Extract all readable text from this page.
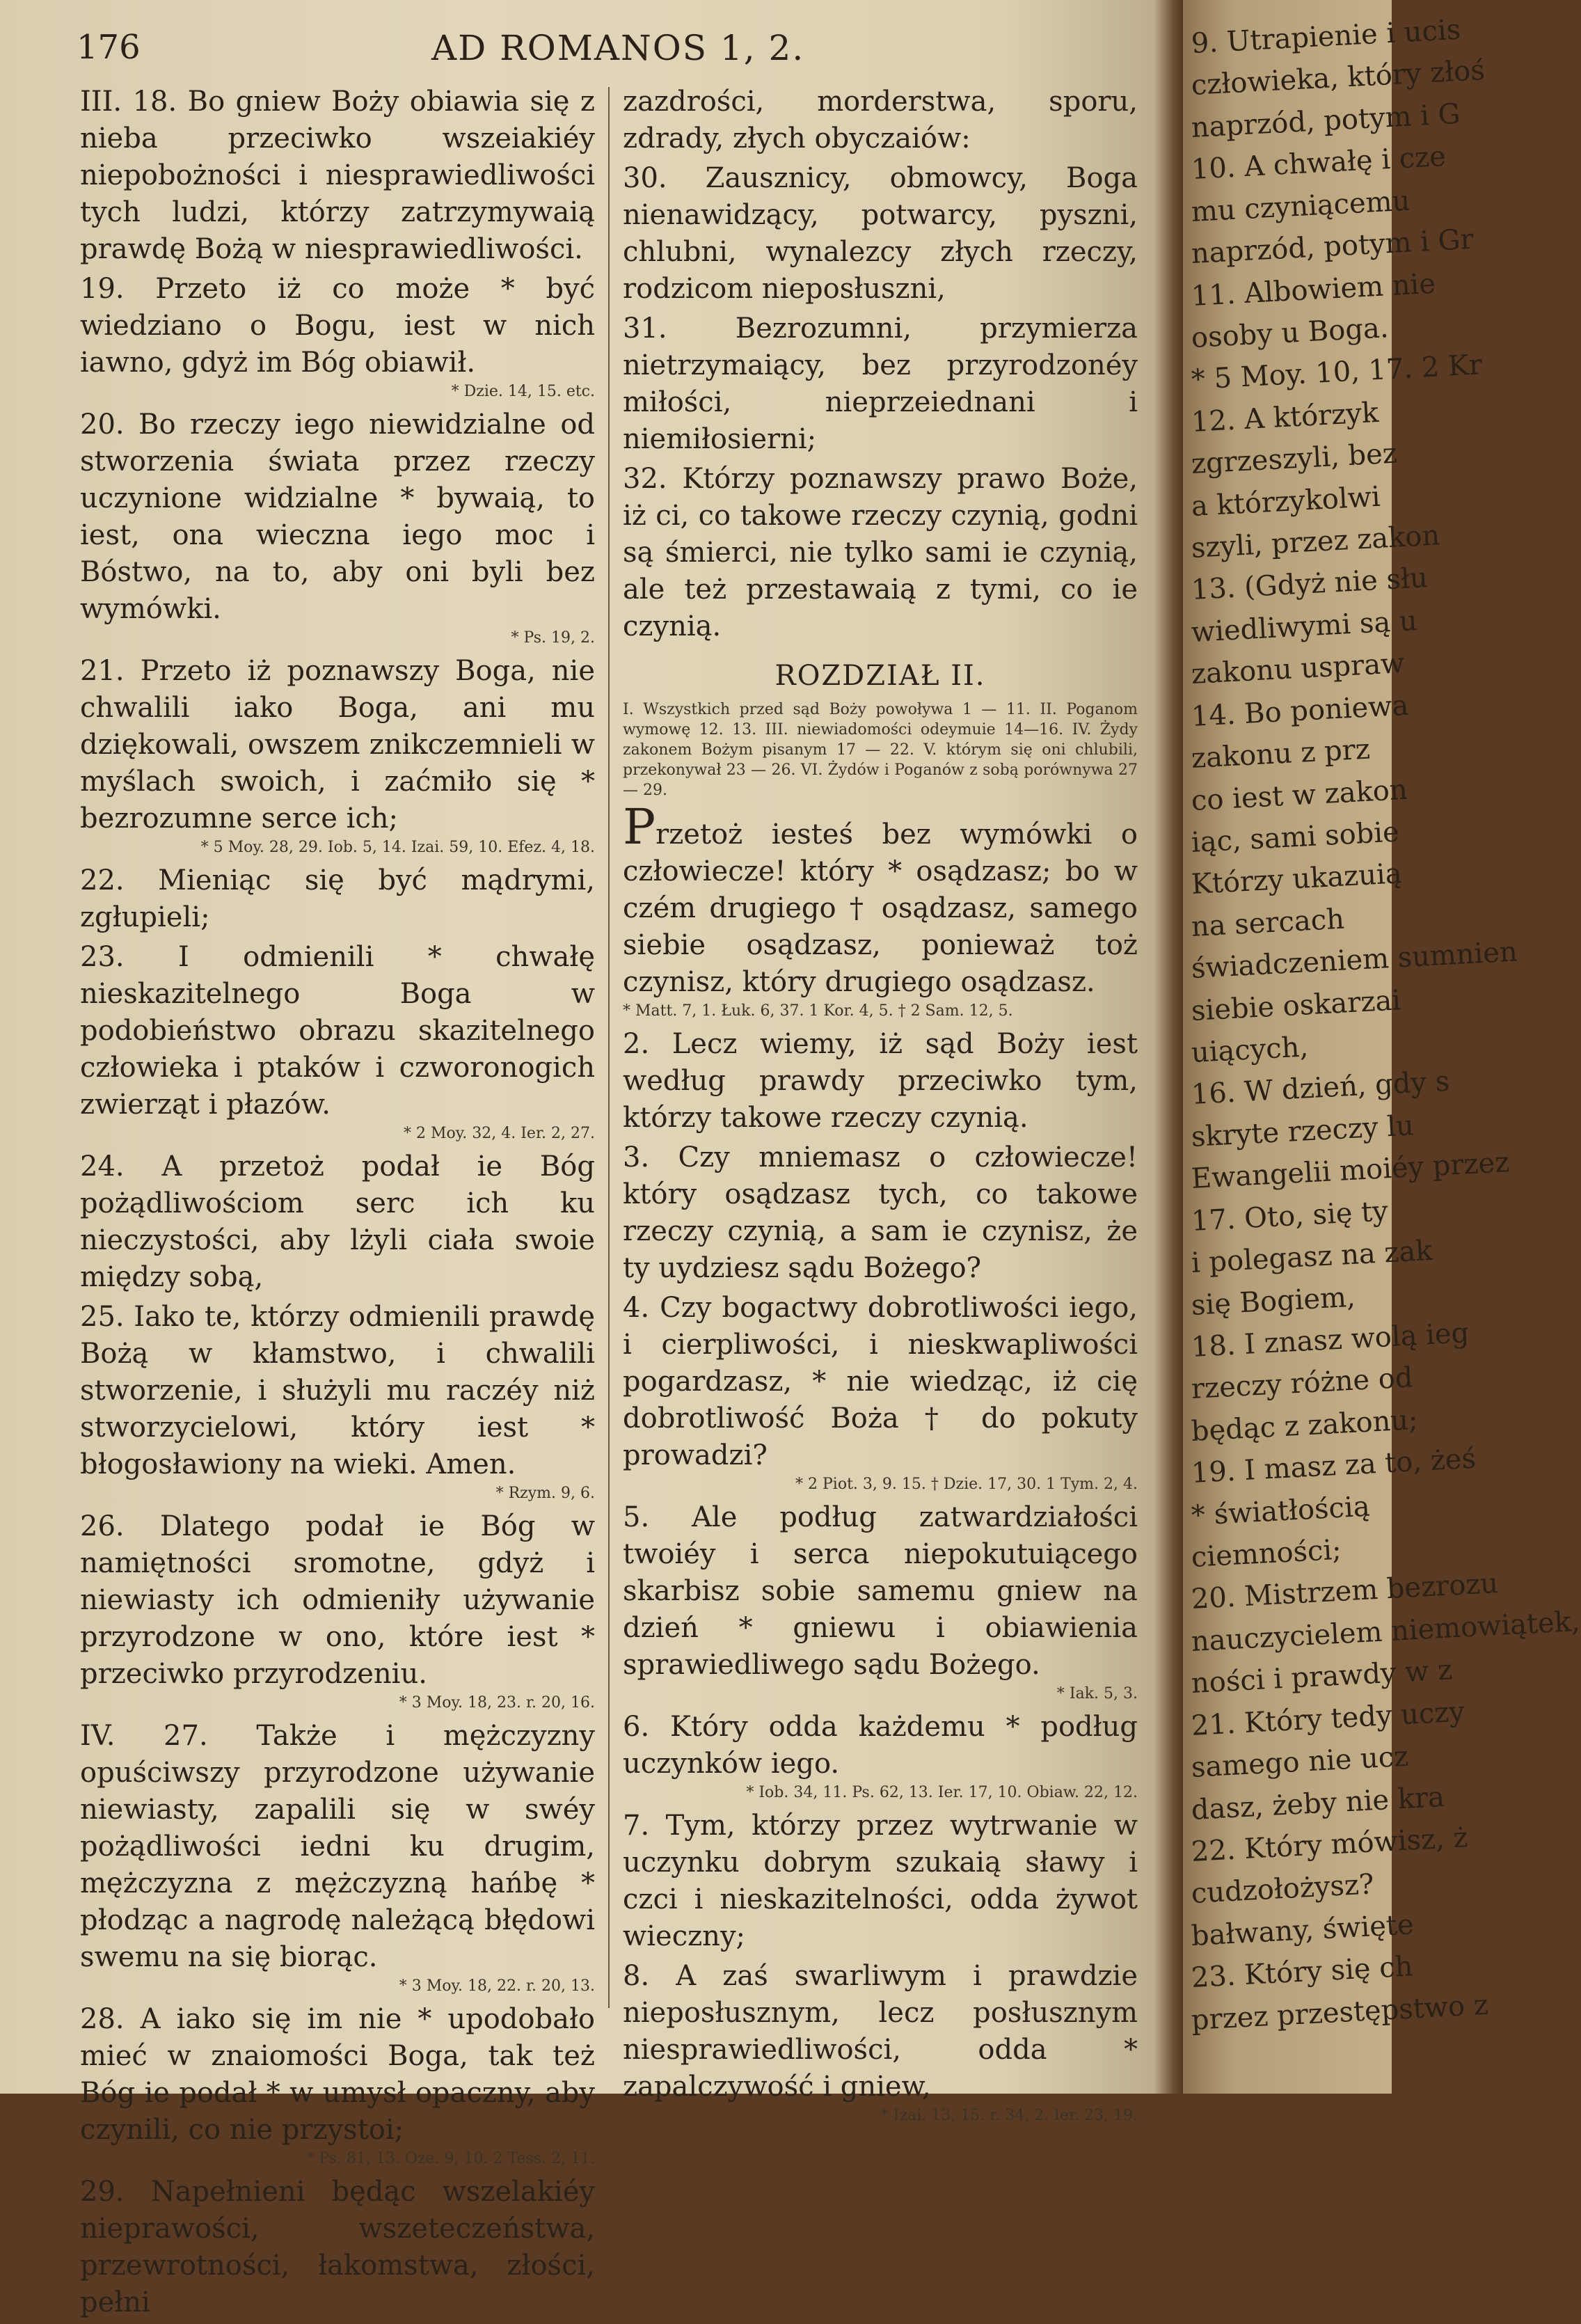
176	AD ROMANOS 1, 2.
III. 18. Bo gniew Boży obiawia się z nieba przeciwko wszeiakiéy niepobożności i niesprawiedliwości tych ludzi, którzy zatrzymywaią prawdę Bożą w niesprawiedliwości.
19. Przeto iż co może * być wiedziano o Bogu, iest w nich iawno, gdyż im Bóg obiawił.
* Dzie. 14, 15. etc.
20. Bo rzeczy iego niewidzialne od stworzenia świata przez rzeczy uczynione widzialne * bywaią, to iest, ona wieczna iego moc i Bóstwo, na to, aby oni byli bez wymówki.
* Ps. 19, 2.
21. Przeto iż poznawszy Boga, nie chwalili iako Boga, ani mu dziękowali, owszem znikczemnieli w myślach swoich, i zaćmiło się * bezrozumne serce ich;
* 5 Moy. 28, 29. Iob. 5, 14. Izai. 59, 10. Efez. 4, 18.
22. Mieniąc się być mądrymi, zgłupieli;
23. I odmienili * chwałę nieskazitelnego Boga w podobieństwo obrazu skazitelnego człowieka i ptaków i czworonogich zwierząt i płazów.
* 2 Moy. 32, 4. Ier. 2, 27.
24. A przetoż podał ie Bóg pożądliwościom serc ich ku nieczystości, aby lżyli ciała swoie między sobą,
25. Iako te, którzy odmienili prawdę Bożą w kłamstwo, i chwalili stworzenie, i służyli mu raczéy niż stworzycielowi, który iest * błogosławiony na wieki. Amen.
* Rzym. 9, 6.
26. Dlatego podał ie Bóg w namiętności sromotne, gdyż i niewiasty ich odmieniły używanie przyrodzone w ono, które iest * przeciwko przyrodzeniu.
* 3 Moy. 18, 23. r. 20, 16.
IV. 27. Także i mężczyzny opuściwszy przyrodzone używanie niewiasty, zapalili się w swéy pożądliwości iedni ku drugim, mężczyzna z mężczyzną hańbę * płodząc a nagrodę należącą błędowi swemu na się biorąc.
* 3 Moy. 18, 22. r. 20, 13.
28. A iako się im nie * upodobało mieć w znaiomości Boga, tak też Bóg ie podał * w umysł opaczny, aby czynili, co nie przystoi;
* Ps. 81, 13. Oze. 9, 10. 2 Tess. 2, 11.
29. Napełnieni będąc wszelakiéy nieprawości, wszeteczeństwa, przewrotności, łakomstwa, złości, pełni
zazdrości, morderstwa, sporu, zdrady, złych obyczaiów:
30. Zausznicy, obmowcy, Boga nienawidzący, potwarcy, pyszni, chlubni, wynalezcy złych rzeczy, rodzicom nieposłuszni,
31. Bezrozumni, przymierza nietrzymaiący, bez przyrodzonéy miłości, nieprzeiednani i niemiłosierni;
32. Którzy poznawszy prawo Boże, iż ci, co takowe rzeczy czynią, godni są śmierci, nie tylko sami ie czynią, ale też przestawaią z tymi, co ie czynią.
ROZDZIAŁ II.
I. Wszystkich przed sąd Boży powoływa 1 — 11. II. Poganom wymowę 12. 13. III. niewiadomości odeymuie 14—16. IV. Żydy zakonem Bożym pisanym 17 — 22. V. którym się oni chlubili, przekonywał 23 — 26. VI. Żydów i Poganów z sobą porównywa 27 — 29.
Przetoż iesteś bez wymówki o człowiecze! który * osądzasz; bo w czém drugiego † osądzasz, samego siebie osądzasz, ponieważ toż czynisz, który drugiego osądzasz.
* Matt. 7, 1. Łuk. 6, 37. 1 Kor. 4, 5. † 2 Sam. 12, 5.
2. Lecz wiemy, iż sąd Boży iest według prawdy przeciwko tym, którzy takowe rzeczy czynią.
3. Czy mniemasz o człowiecze! który osądzasz tych, co takowe rzeczy czynią, a sam ie czynisz, że ty uydziesz sądu Bożego?
4. Czy bogactwy dobrotliwości iego, i cierpliwości, i nieskwapliwości pogardzasz, * nie wiedząc, iż cię dobrotliwość Boża † do pokuty prowadzi?
* 2 Piot. 3, 9. 15. † Dzie. 17, 30. 1 Tym. 2, 4.
5. Ale podług zatwardziałości twoiéy i serca niepokutuiącego skarbisz sobie samemu gniew na dzień * gniewu i obiawienia sprawiedliwego sądu Bożego.
* Iak. 5, 3.
6. Który odda każdemu * podług uczynków iego.
* Iob. 34, 11. Ps. 62, 13. Ier. 17, 10. Obiaw. 22, 12.
7. Tym, którzy przez wytrwanie w uczynku dobrym szukaią sławy i czci i nieskazitelności, odda żywot wieczny;
8. A zaś swarliwym i prawdzie nieposłusznym, lecz posłusznym niesprawiedliwości, odda * zapalczywość i gniew,
* Izai. 13, 15. r. 34, 2. Ier. 23, 19.
9. Utrapienie i ucis
człowieka, który złoś
naprzód, potym i G
10. A chwałę i cze
mu czyniącemu
naprzód, potym i Gr
11. Albowiem nie
osoby u Boga.
* 5 Moy. 10, 17. 2 Kr
12. A którzyk
zgrzeszyli, bez
a którzykolwi
szyli, przez zakon
13. (Gdyż nie słu
wiedliwymi są u
zakonu uspraw
14. Bo poniewa
zakonu z prz
co iest w zakon
iąc, sami sobie
Którzy ukazuią
na sercach
świadczeniem sumnien
siebie oskarzai
uiących,
16. W dzień, gdy s
skryte rzeczy lu
Ewangelii moiéy przez
17. Oto, się ty
i polegasz na zak
się Bogiem,
18. I znasz wolą ieg
rzeczy różne od
będąc z zakonu;
19. I masz za to, żeś
* światłością
ciemności;
20. Mistrzem bezrozu
nauczycielem niemowiątek,
ności i prawdy w z
21. Który tedy uczy
samego nie ucz
dasz, żeby nie kra
22. Który mówisz, ż
cudzołożysz?
bałwany, święte
23. Który się ch
przez przestępstwo z
